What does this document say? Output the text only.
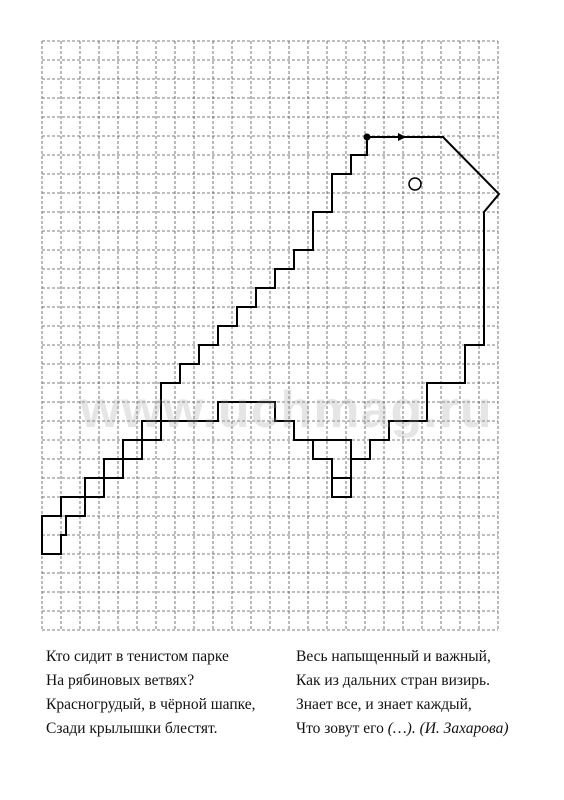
www.uchmag.ru
Кто сидит в тенистом парке
На рябиновых ветвях?
Красногрудый, в чёрной шапке,
Сзади крылышки блестят.
Весь напыщенный и важный,
Как из дальних стран визирь.
Знает все, и знает каждый,
Что зовут его (…). (И. Захарова)
